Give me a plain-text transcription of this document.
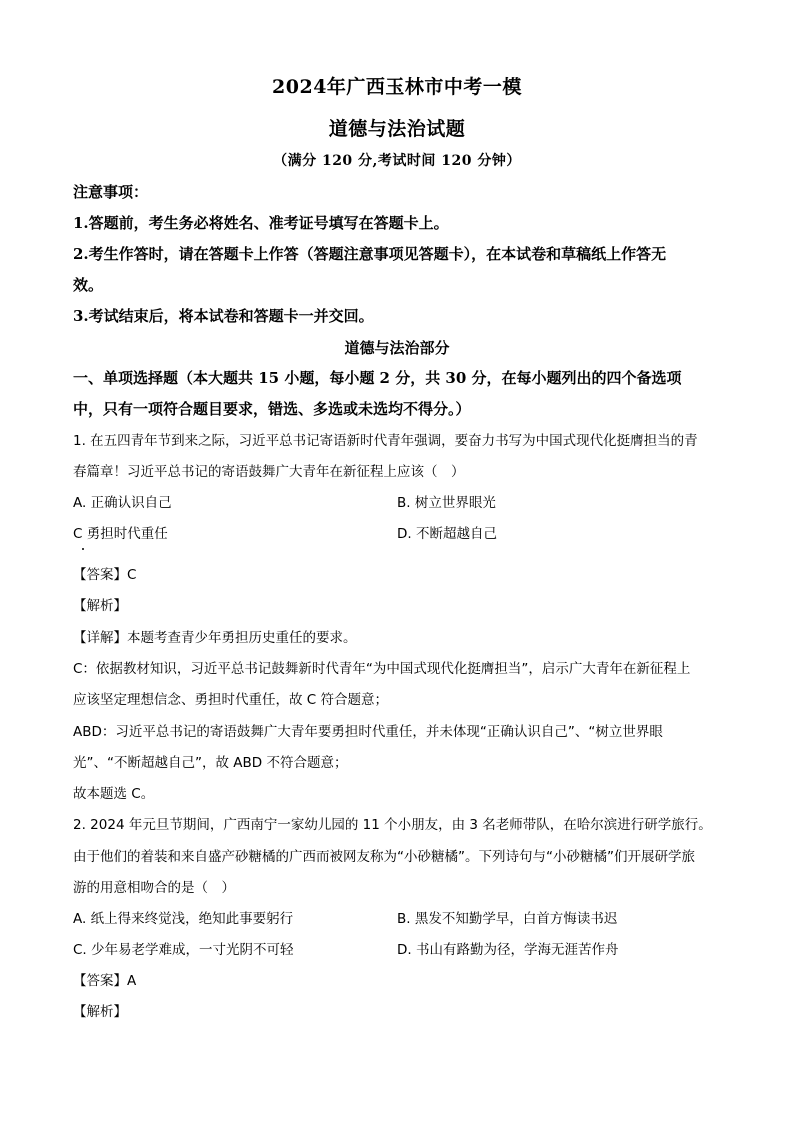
2024年广西玉林市中考一模
道德与法治试题
（满分 120 分,考试时间 120 分钟）
注意事项：
1.答题前，考生务必将姓名、准考证号填写在答题卡上。
2.考生作答时，请在答题卡上作答（答题注意事项见答题卡），在本试卷和草稿纸上作答无
效。
3.考试结束后，将本试卷和答题卡一并交回。
道德与法治部分
一、单项选择题（本大题共 15 小题，每小题 2 分，共 30 分，在每小题列出的四个备选项
中，只有一项符合题目要求，错选、多选或未选均不得分。）
1. 在五四青年节到来之际，习近平总书记寄语新时代青年强调，要奋力书写为中国式现代化挺膺担当的青
春篇章！习近平总书记的寄语鼓舞广大青年在新征程上应该（　）
A. 正确认识自己	B. 树立世界眼光
C 勇担时代重任	D. 不断超越自己
【答案】C
【解析】
【详解】本题考查青少年勇担历史重任的要求。
C：依据教材知识，习近平总书记鼓舞新时代青年“为中国式现代化挺膺担当”，启示广大青年在新征程上
应该坚定理想信念、勇担时代重任，故 C 符合题意；
ABD：习近平总书记的寄语鼓舞广大青年要勇担时代重任，并未体现“正确认识自己”、“树立世界眼
光”、“不断超越自己”，故 ABD 不符合题意；
故本题选 C。
2. 2024 年元旦节期间，广西南宁一家幼儿园的 11 个小朋友，由 3 名老师带队，在哈尔滨进行研学旅行。
由于他们的着装和来自盛产砂糖橘的广西而被网友称为“小砂糖橘”。下列诗句与“小砂糖橘”们开展研学旅
游的用意相吻合的是（　）
A. 纸上得来终觉浅，绝知此事要躬行	B. 黑发不知勤学早，白首方悔读书迟
C. 少年易老学难成，一寸光阴不可轻	D. 书山有路勤为径，学海无涯苦作舟
【答案】A
【解析】
